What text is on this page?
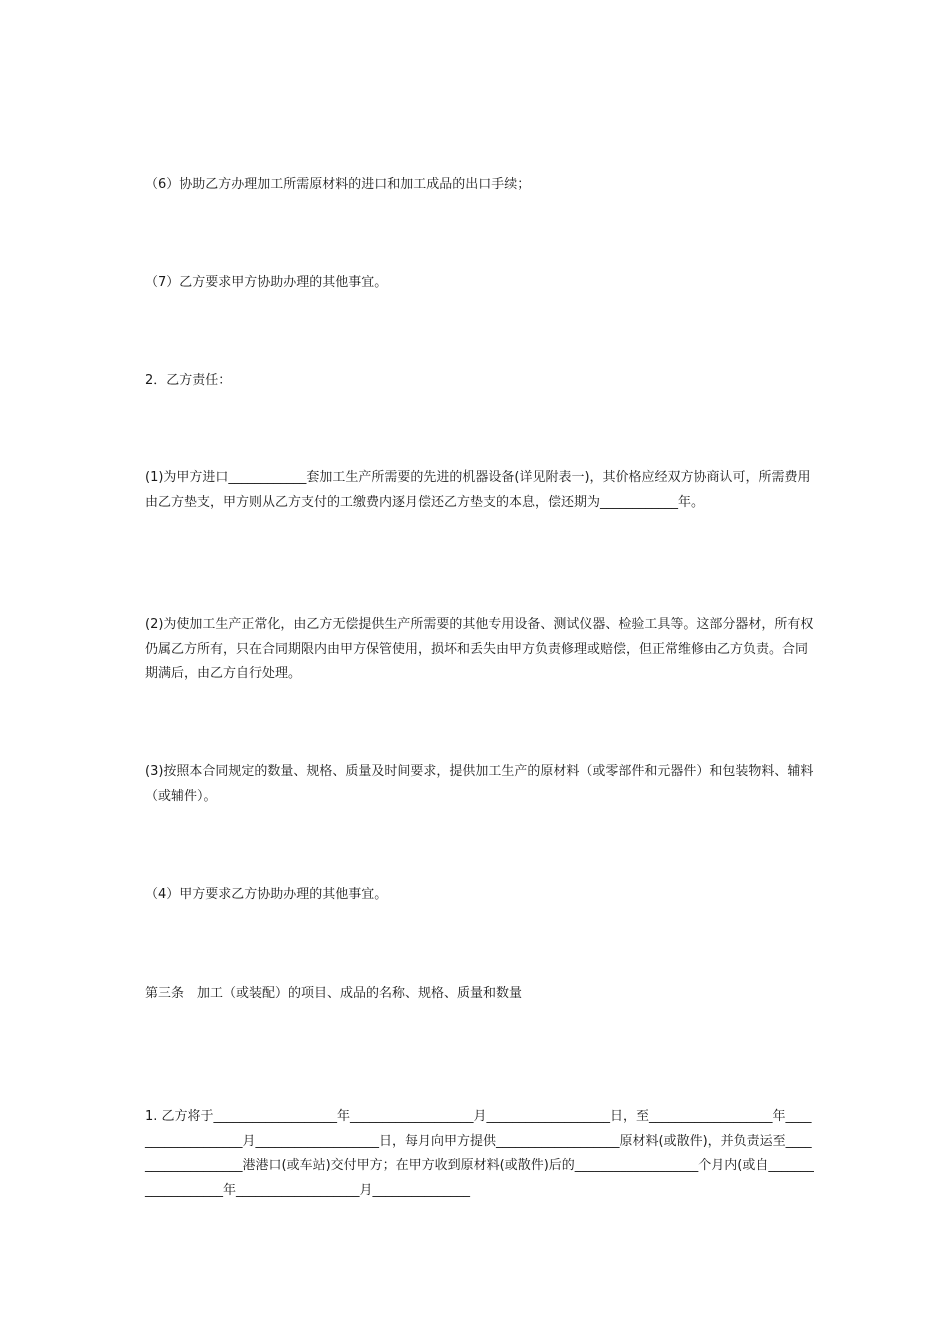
（6）协助乙方办理加工所需原材料的进口和加工成品的出口手续；

（7）乙方要求甲方协助办理的其他事宜。

2．乙方责任：

(1)为甲方进口____________套加工生产所需要的先进的机器设备(详见附表一)，其价格应经双方协商认可，所需费用由乙方垫支，甲方则从乙方支付的工缴费内逐月偿还乙方垫支的本息，偿还期为____________年。

(2)为使加工生产正常化，由乙方无偿提供生产所需要的其他专用设备、测试仪器、检验工具等。这部分器材，所有权仍属乙方所有，只在合同期限内由甲方保管使用，损坏和丢失由甲方负责修理或赔偿，但正常维修由乙方负责。合同期满后，由乙方自行处理。

(3)按照本合同规定的数量、规格、质量及时间要求，提供加工生产的原材料（或零部件和元器件）和包装物料、辅料（或辅件）。

（4）甲方要求乙方协助办理的其他事宜。

第三条　加工（或装配）的项目、成品的名称、规格、质量和数量

1. 乙方将于___________________年___________________月___________________日，至___________________年___________________月___________________日，每月向甲方提供___________________原材料(或散件)，并负责运至___________________港港口(或车站)交付甲方；在甲方收到原材料(或散件)后的___________________个月内(或自___________________年___________________月_______________
